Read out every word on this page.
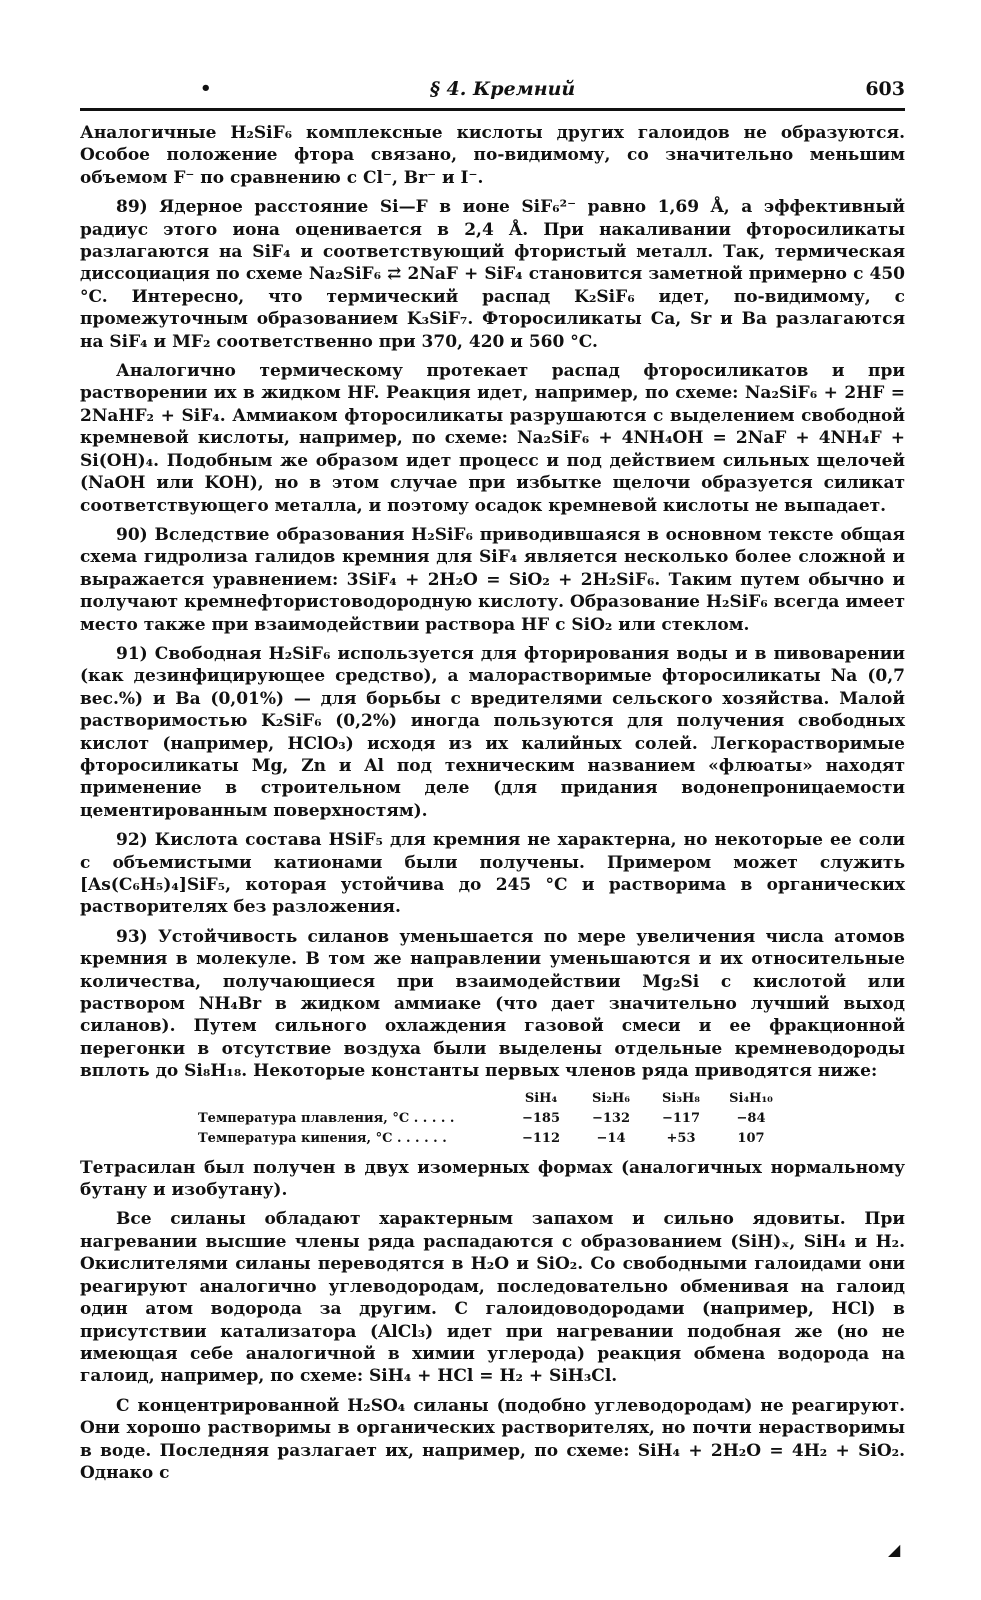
•	§ 4. Кремний	603

Аналогичные H₂SiF₆ комплексные кислоты других галоидов не образуются. Особое положение фтора связано, по-видимому, со значительно меньшим объемом F⁻ по сравнению с Cl⁻, Br⁻ и I⁻.

89) Ядерное расстояние Si—F в ионе SiF₆²⁻ равно 1,69 Å, а эффективный радиус этого иона оценивается в 2,4 Å. При накаливании фторосиликаты разлагаются на SiF₄ и соответствующий фтористый металл. Так, термическая диссоциация по схеме Na₂SiF₆ ⇄ 2NaF + SiF₄ становится заметной примерно с 450 °C. Интересно, что термический распад K₂SiF₆ идет, по-видимому, с промежуточным образованием K₃SiF₇. Фторосиликаты Ca, Sr и Ba разлагаются на SiF₄ и MF₂ соответственно при 370, 420 и 560 °C.

Аналогично термическому протекает распад фторосиликатов и при растворении их в жидком HF. Реакция идет, например, по схеме: Na₂SiF₆ + 2HF = 2NaHF₂ + SiF₄. Аммиаком фторосиликаты разрушаются с выделением свободной кремневой кислоты, например, по схеме: Na₂SiF₆ + 4NH₄OH = 2NaF + 4NH₄F + Si(OH)₄. Подобным же образом идет процесс и под действием сильных щелочей (NaOH или KOH), но в этом случае при избытке щелочи образуется силикат соответствующего металла, и поэтому осадок кремневой кислоты не выпадает.

90) Вследствие образования H₂SiF₆ приводившаяся в основном тексте общая схема гидролиза галидов кремния для SiF₄ является несколько более сложной и выражается уравнением: 3SiF₄ + 2H₂O = SiO₂ + 2H₂SiF₆. Таким путем обычно и получают кремнефтористоводородную кислоту. Образование H₂SiF₆ всегда имеет место также при взаимодействии раствора HF с SiO₂ или стеклом.

91) Свободная H₂SiF₆ используется для фторирования воды и в пивоварении (как дезинфицирующее средство), а малорастворимые фторосиликаты Na (0,7 вес.%) и Ba (0,01%) — для борьбы с вредителями сельского хозяйства. Малой растворимостью K₂SiF₆ (0,2%) иногда пользуются для получения свободных кислот (например, HClO₃) исходя из их калийных солей. Легкорастворимые фторосиликаты Mg, Zn и Al под техническим названием «флюаты» находят применение в строительном деле (для придания водонепроницаемости цементированным поверхностям).

92) Кислота состава HSiF₅ для кремния не характерна, но некоторые ее соли с объемистыми катионами были получены. Примером может служить [As(C₆H₅)₄]SiF₅, которая устойчива до 245 °C и растворима в органических растворителях без разложения.

93) Устойчивость силанов уменьшается по мере увеличения числа атомов кремния в молекуле. В том же направлении уменьшаются и их относительные количества, получающиеся при взаимодействии Mg₂Si с кислотой или раствором NH₄Br в жидком аммиаке (что дает значительно лучший выход силанов). Путем сильного охлаждения газовой смеси и ее фракционной перегонки в отсутствие воздуха были выделены отдельные кремневодороды вплоть до Si₈H₁₈. Некоторые константы первых членов ряда приводятся ниже:

	SiH₄	Si₂H₆	Si₃H₈	Si₄H₁₀
Температура плавления, °C . . . . .	−185	−132	−117	−84
Температура кипения, °C . . . . . .	−112	−14	+53	107

Тетрасилан был получен в двух изомерных формах (аналогичных нормальному бутану и изобутану).

Все силаны обладают характерным запахом и сильно ядовиты. При нагревании высшие члены ряда распадаются с образованием (SiH)ₓ, SiH₄ и H₂. Окислителями силаны переводятся в H₂O и SiO₂. Со свободными галоидами они реагируют аналогично углеводородам, последовательно обменивая на галоид один атом водорода за другим. С галоидоводородами (например, HCl) в присутствии катализатора (AlCl₃) идет при нагревании подобная же (но не имеющая себе аналогичной в химии углерода) реакция обмена водорода на галоид, например, по схеме: SiH₄ + HCl = H₂ + SiH₃Cl.

С концентрированной H₂SO₄ силаны (подобно углеводородам) не реагируют. Они хорошо растворимы в органических растворителях, но почти нерастворимы в воде. Последняя разлагает их, например, по схеме: SiH₄ + 2H₂O = 4H₂ + SiO₂. Однако с

◢
